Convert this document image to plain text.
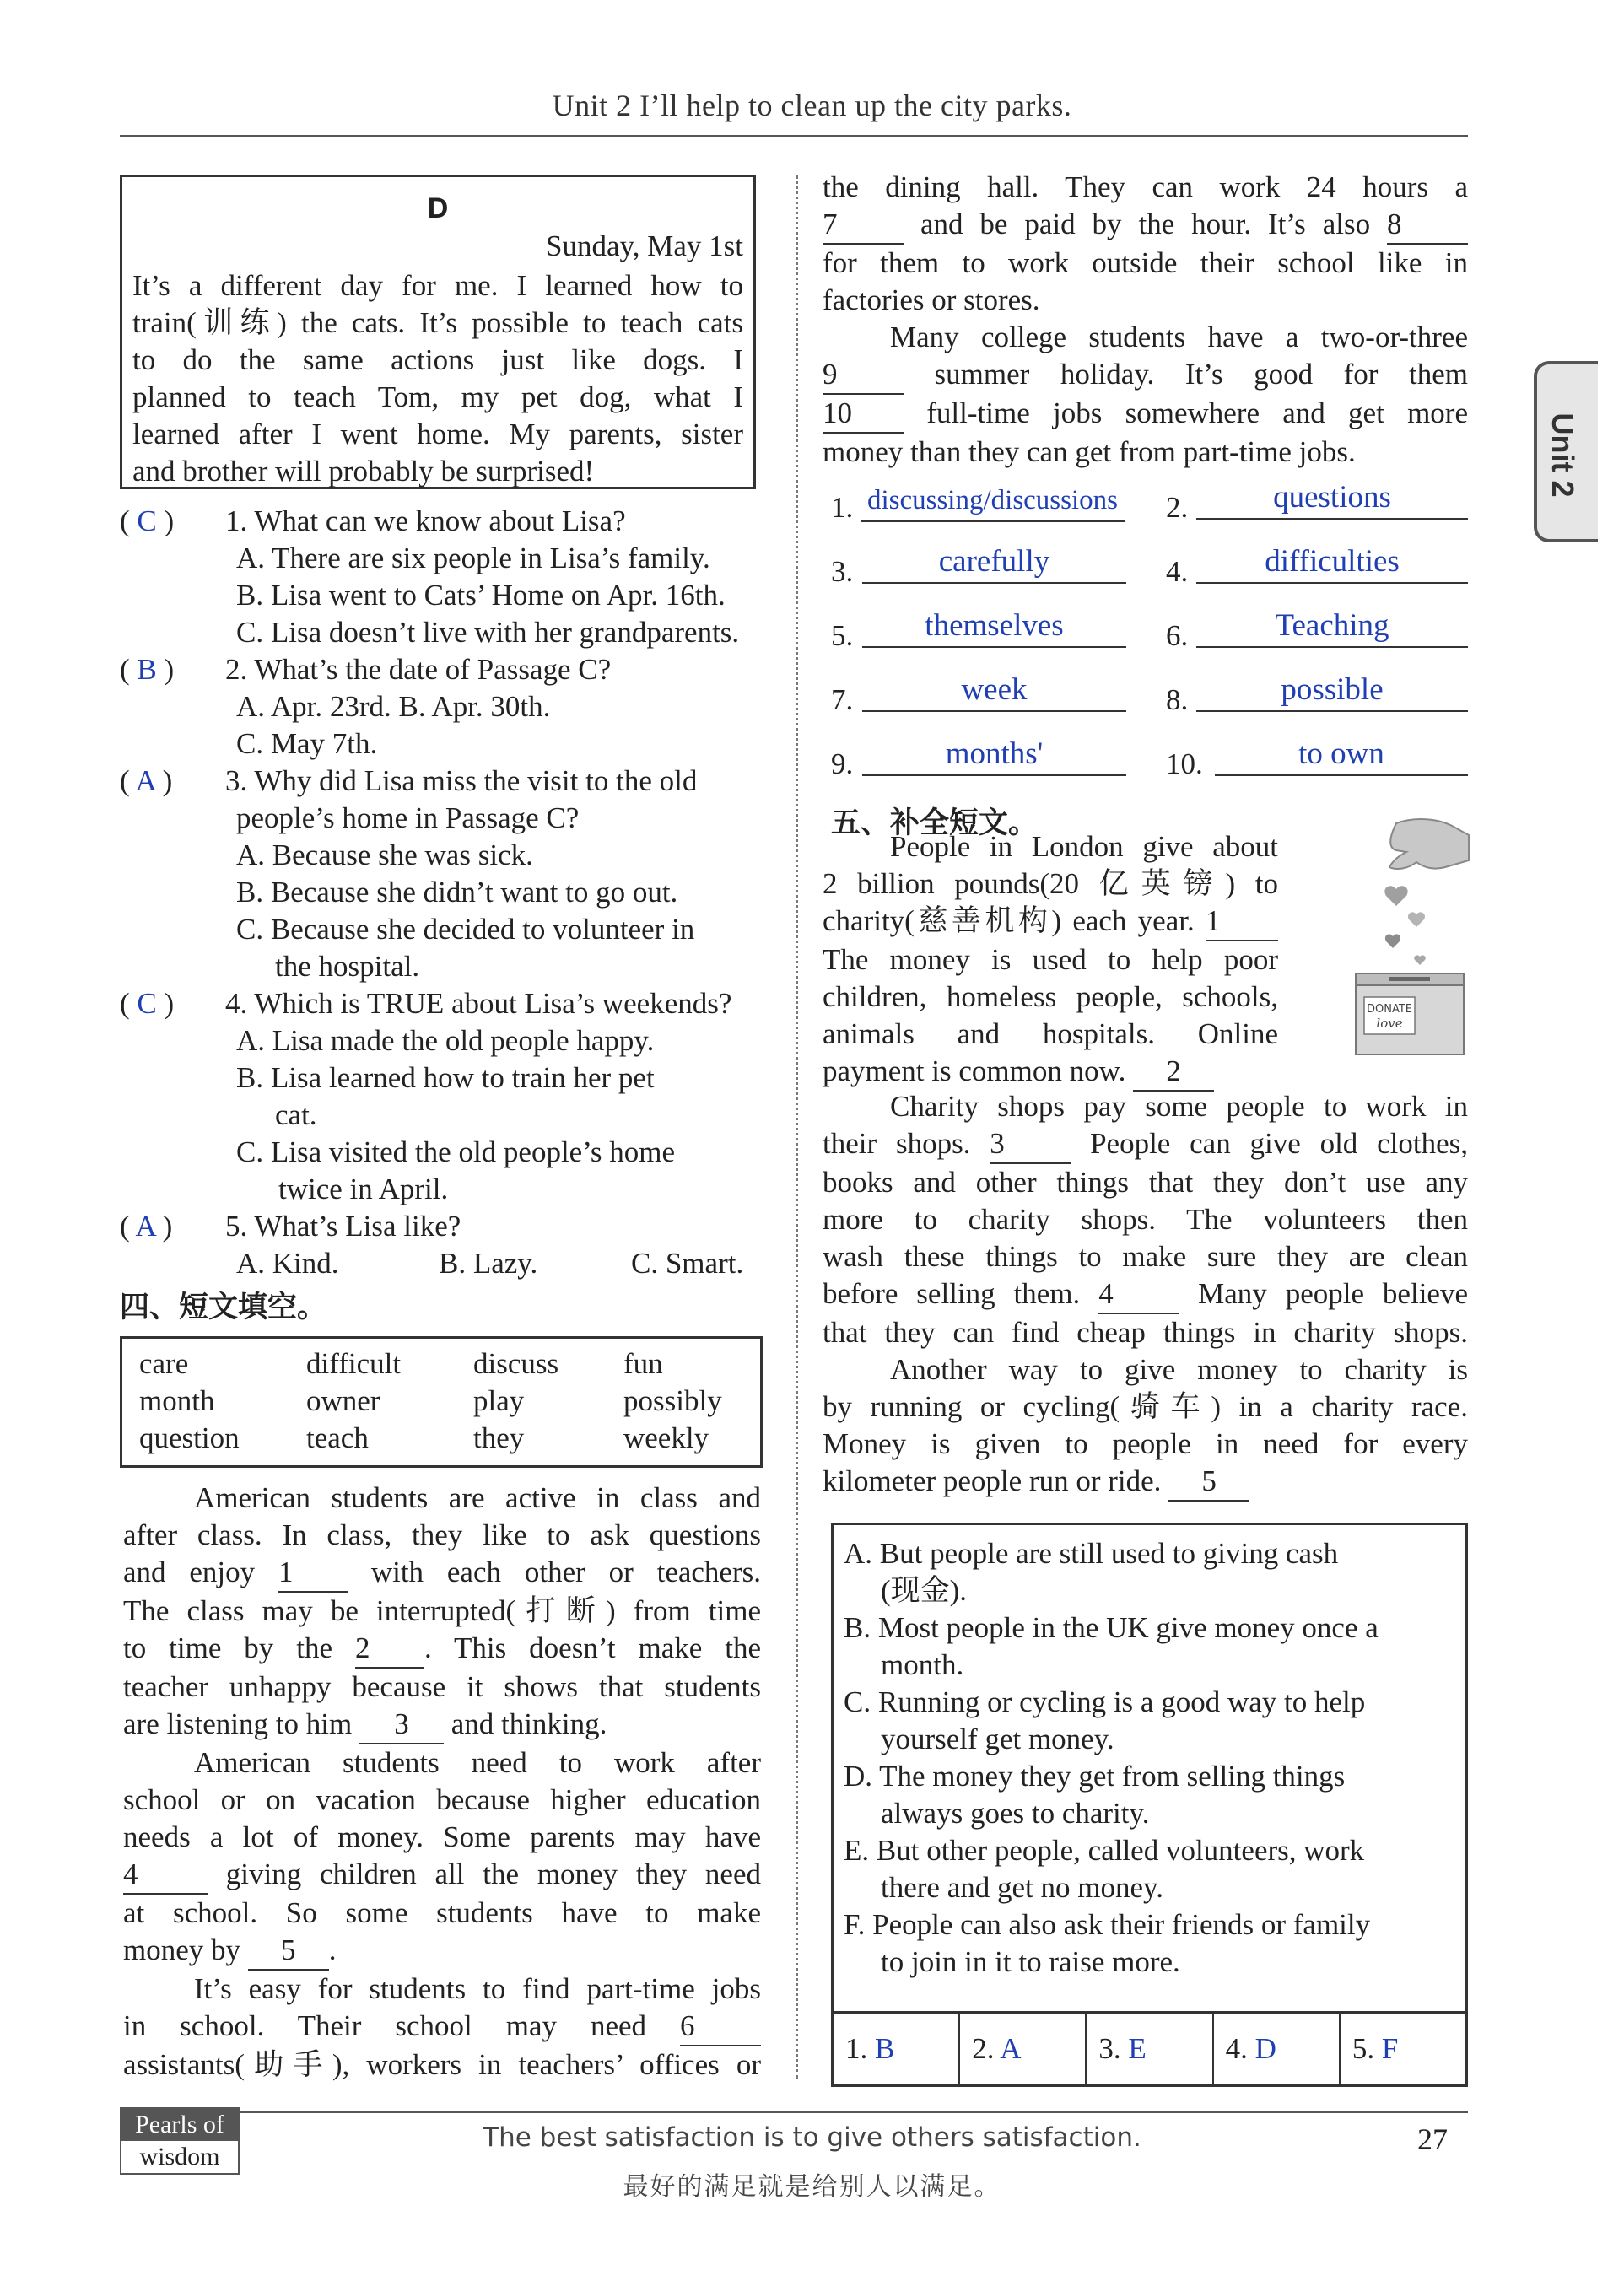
Unit 2 I’ll help to clean up the city parks.
Unit 2
D
Sunday, May 1st
It’s a different day for me. I learned how to
train(训练) the cats. It’s possible to teach cats
to do the same actions just like dogs. I
planned to teach Tom, my pet dog, what I
learned after I went home. My parents, sister
and brother will probably be surprised!
( C ) 1. What can we know about Lisa?
A. There are six people in Lisa’s family.
B. Lisa went to Cats’ Home on Apr. 16th.
C. Lisa doesn’t live with her grandparents.
( B ) 2. What’s the date of Passage C?
A. Apr. 23rd. B. Apr. 30th.
C. May 7th.
( A ) 3. Why did Lisa miss the visit to the old
people’s home in Passage C?
A. Because she was sick.
B. Because she didn’t want to go out.
C. Because she decided to volunteer in
the hospital.
( C ) 4. Which is TRUE about Lisa’s weekends?
A. Lisa made the old people happy.
B. Lisa learned how to train her pet
cat.
C. Lisa visited the old people’s home
twice in April.
( A ) 5. What’s Lisa like?
A. Kind.	B. Lazy.	C. Smart.
四、短文填空。
care	difficult discuss fun
month	owner	play	possibly
question teach	they	weekly
American students are active in class and
after class. In class, they like to ask questions
and enjoy 1	with each other or teachers.
The class may be interrupted(打断) from time
to time by the 2 . This doesn’t make the
teacher unhappy because it shows that students
are listening to him 3 and thinking.
American students need to work after
school or on vacation because higher education
needs a lot of money. Some parents may have
4	giving children all the money they need
at school. So some students have to make
money by 5 .
It’s easy for students to find part-time jobs
in school. Their school may need 6
assistants(助手), workers in teachers’ offices or
the dining hall. They can work 24 hours a
7	and be paid by the hour. It’s also 8
for them to work outside their school like in
factories or stores.
Many college students have a two-or-three
9	summer holiday. It’s good for them
10	full-time jobs somewhere and get more
money than they can get from part-time jobs.
1. discussing/discussions 2.	questions
3.	carefully	4.	difficulties
5.	themselves	6.	Teaching
7.	week	8.	possible
9.	months'	10.	to own
五、补全短文。
DONATE
love
People in London give about
2 billion pounds(20 亿英镑) to
charity(慈善机构) each year. 1
The money is used to help poor
children, homeless people, schools,
animals and hospitals. Online
payment is common now. 2
Charity shops pay some people to work in
their shops. 3	People can give old clothes,
books and other things that they don’t use any
more to charity shops. The volunteers then
wash these things to make sure they are clean
before selling them. 4	Many people believe
that they can find cheap things in charity shops.
Another way to give money to charity is
by running or cycling(骑车) in a charity race.
Money is given to people in need for every
kilometer people run or ride. 5
A. But people are still used to giving cash
(现金).
B. Most people in the UK give money once a
month.
C. Running or cycling is a good way to help
yourself get money.
D. The money they get from selling things
always goes to charity.
E. But other people, called volunteers, work
there and get no money.
F. People can also ask their friends or family
to join in it to raise more.
1. B	2. A	3. E	4. D	5. F
Pearls of
wisdom
The best satisfaction is to give others satisfaction.
最好的满足就是给别人以满足。
27
